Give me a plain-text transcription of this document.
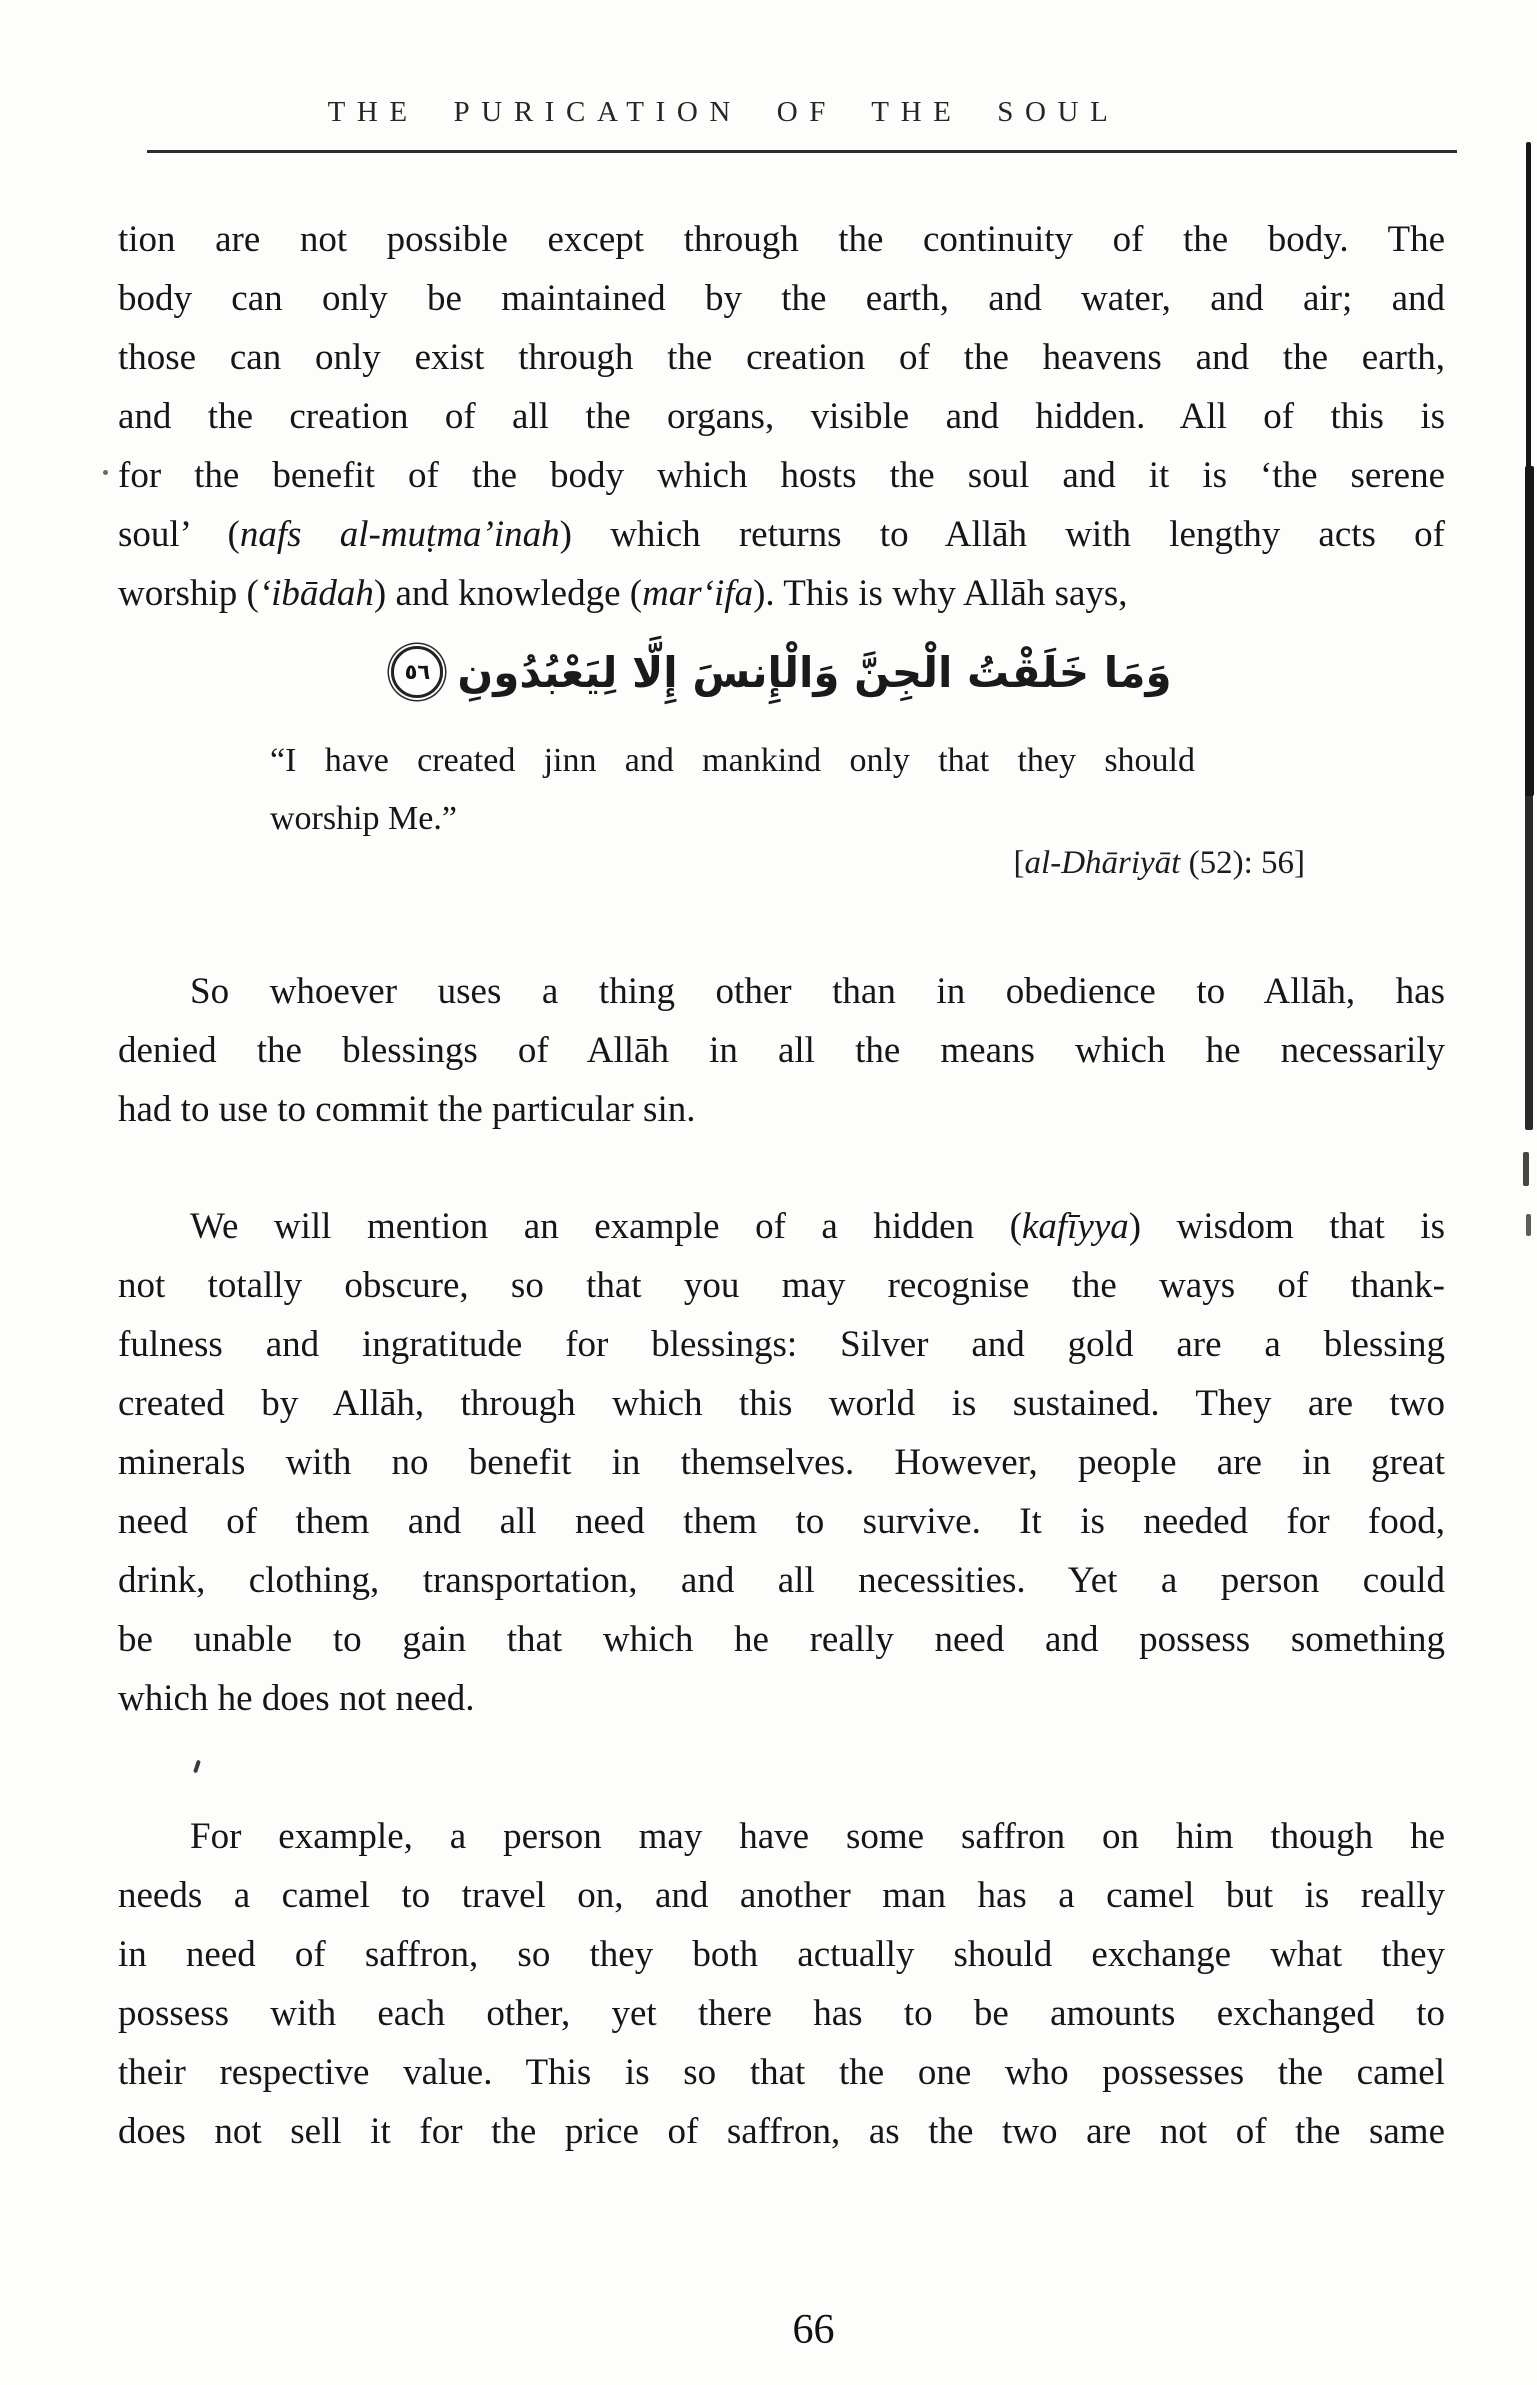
THE PURICATION OF THE SOUL
tion are not possible except through the continuity of the body. The
body can only be maintained by the earth, and water, and air; and
those can only exist through the creation of the heavens and the earth,
and the creation of all the organs, visible and hidden. All of this is
for the benefit of the body which hosts the soul and it is ‘the serene
soul’ (nafs al-muṭma’inah) which returns to Allāh with lengthy acts of
worship (‘ibādah) and knowledge (mar‘ifa). This is why Allāh says,
وَمَا خَلَقْتُ الْجِنَّ وَالْإِنسَ إِلَّا لِيَعْبُدُونِ
٥٦
“I have created jinn and mankind only that they should
worship Me.”
[al-Dhāriyāt (52): 56]
So whoever uses a thing other than in obedience to Allāh, has
denied the blessings of Allāh in all the means which he necessarily
had to use to commit the particular sin.
We will mention an example of a hidden (kafīyya) wisdom that is
not totally obscure, so that you may recognise the ways of thank-
fulness and ingratitude for blessings: Silver and gold are a blessing
created by Allāh, through which this world is sustained. They are two
minerals with no benefit in themselves. However, people are in great
need of them and all need them to survive. It is needed for food,
drink, clothing, transportation, and all necessities. Yet a person could
be unable to gain that which he really need and possess something
which he does not need.
For example, a person may have some saffron on him though he
needs a camel to travel on, and another man has a camel but is really
in need of saffron, so they both actually should exchange what they
possess with each other, yet there has to be amounts exchanged to
their respective value. This is so that the one who possesses the camel
does not sell it for the price of saffron, as the two are not of the same
66
